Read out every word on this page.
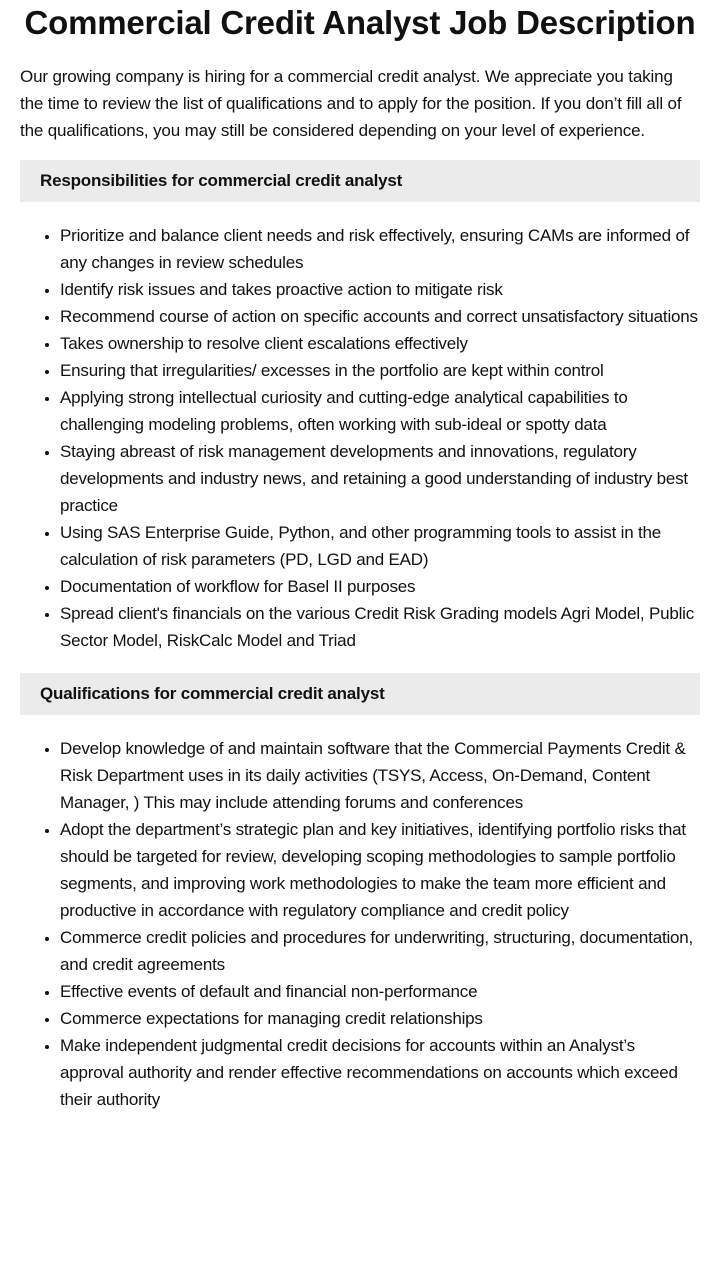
Commercial Credit Analyst Job Description

Our growing company is hiring for a commercial credit analyst. We appreciate you taking the time to review the list of qualifications and to apply for the position. If you don’t fill all of the qualifications, you may still be considered depending on your level of experience.

Responsibilities for commercial credit analyst
• Prioritize and balance client needs and risk effectively, ensuring CAMs are informed of any changes in review schedules
• Identify risk issues and takes proactive action to mitigate risk
• Recommend course of action on specific accounts and correct unsatisfactory situations
• Takes ownership to resolve client escalations effectively
• Ensuring that irregularities/ excesses in the portfolio are kept within control
• Applying strong intellectual curiosity and cutting-edge analytical capabilities to challenging modeling problems, often working with sub-ideal or spotty data
• Staying abreast of risk management developments and innovations, regulatory developments and industry news, and retaining a good understanding of industry best practice
• Using SAS Enterprise Guide, Python, and other programming tools to assist in the calculation of risk parameters (PD, LGD and EAD)
• Documentation of workflow for Basel II purposes
• Spread client's financials on the various Credit Risk Grading models Agri Model, Public Sector Model, RiskCalc Model and Triad
Qualifications for commercial credit analyst
• Develop knowledge of and maintain software that the Commercial Payments Credit & Risk Department uses in its daily activities (TSYS, Access, On-Demand, Content Manager, ) This may include attending forums and conferences
• Adopt the department’s strategic plan and key initiatives, identifying portfolio risks that should be targeted for review, developing scoping methodologies to sample portfolio segments, and improving work methodologies to make the team more efficient and productive in accordance with regulatory compliance and credit policy
• Commerce credit policies and procedures for underwriting, structuring, documentation, and credit agreements
• Effective events of default and financial non-performance
• Commerce expectations for managing credit relationships
• Make independent judgmental credit decisions for accounts within an Analyst’s approval authority and render effective recommendations on accounts which exceed their authority
